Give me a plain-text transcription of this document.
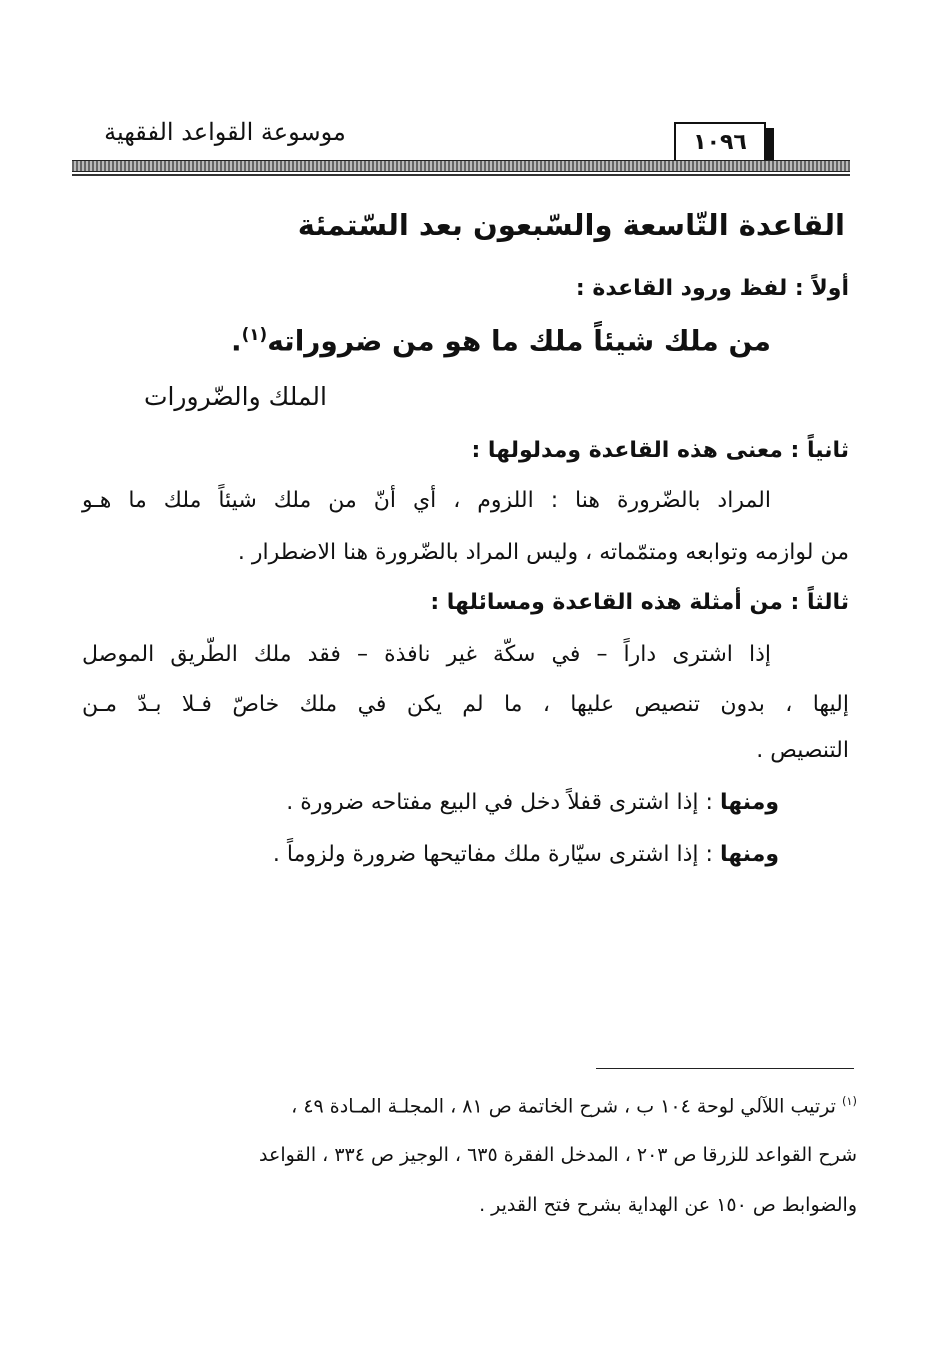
موسوعة القواعد الفقهية	١٠٩٦
القاعدة التّاسعة والسّبعون بعد السّتمئة
أولاً : لفظ ورود القاعدة :
من ملك شيئاً ملك ما هو من ضروراته$^{(١)}$.
الملك والضّرورات
ثانياً : معنى هذه القاعدة ومدلولها :
المراد بالضّرورة هنا : اللزوم ، أي أنّ من ملك شيئاً ملك ما هـو
من لوازمه وتوابعه ومتمّماته ، وليس المراد بالضّرورة هنا الاضطرار .
ثالثاً : من أمثلة هذه القاعدة ومسائلها :
إذا اشترى داراً – في سكّة غير نافذة – فقد ملك الطّريق الموصل
إليها ، بدون تنصيص عليها ، ما لم يكن في ملك خاصّ فـلا بـدّ مـن
التنصيص .
ومنها : إذا اشترى قفلاً دخل في البيع مفتاحه ضرورة .
ومنها : إذا اشترى سيّارة ملك مفاتيحها ضرورة ولزوماً .
$^{(١)}$ ترتيب اللآلي لوحة ١٠٤ ب ، شرح الخاتمة ص ٨١ ، المجلـة المـادة ٤٩ ،
شرح القواعد للزرقا ص ٢٠٣ ، المدخل الفقرة ٦٣٥ ، الوجيز ص ٣٣٤ ، القواعد
والضوابط ص ١٥٠ عن الهداية بشرح فتح القدير .
